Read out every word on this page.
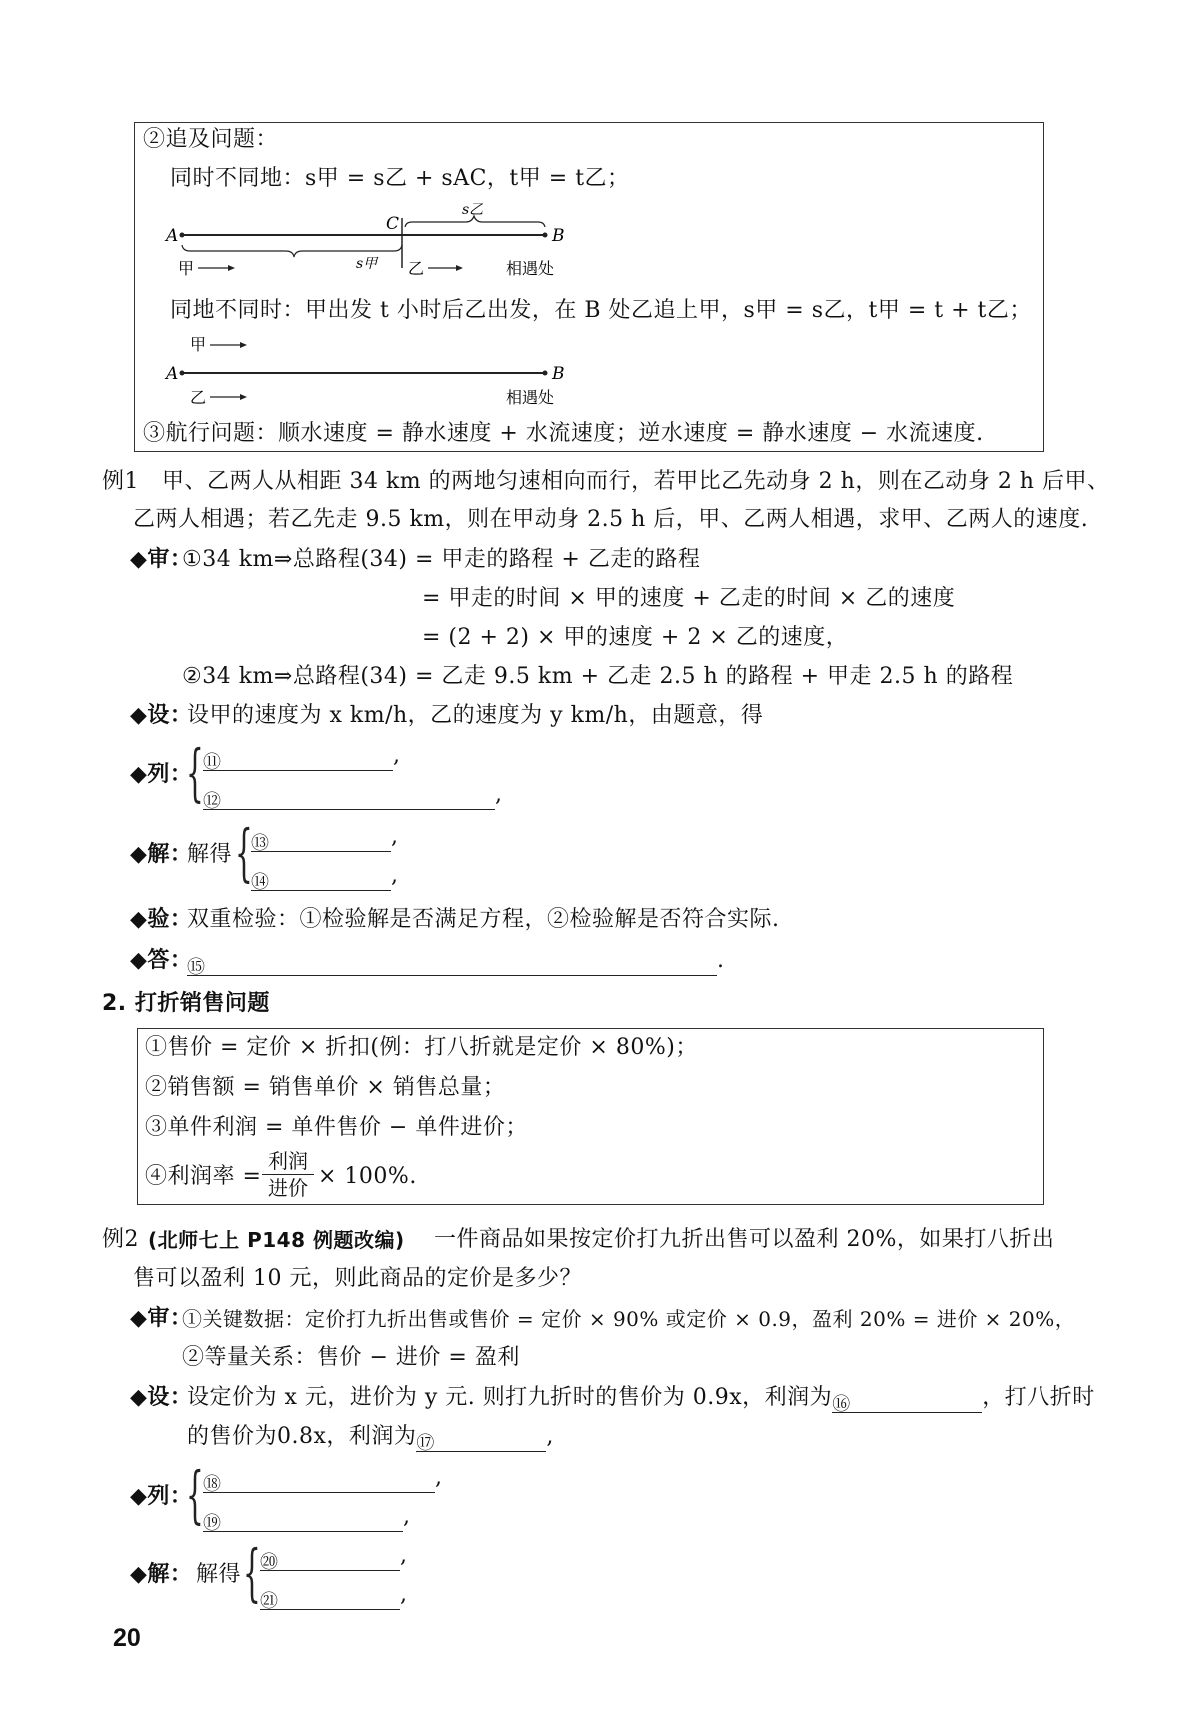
②追及问题：
同时不同地：s甲 = s乙 + sAC，t甲 = t乙；
A
C
B
s乙
s甲
甲	乙	相遇处
同地不同时：甲出发 t 小时后乙出发，在 B 处乙追上甲，s甲 = s乙，t甲 = t + t乙；
甲
A	B
乙	相遇处
③航行问题：顺水速度 = 静水速度 + 水流速度；逆水速度 = 静水速度 − 水流速度.
例1 甲、乙两人从相距 34 km 的两地匀速相向而行，若甲比乙先动身 2 h，则在乙动身 2 h 后甲、
乙两人相遇；若乙先走 9.5 km，则在甲动身 2.5 h 后，甲、乙两人相遇，求甲、乙两人的速度.
◆审：
①34 km⇒总路程(34) = 甲走的路程 + 乙走的路程
= 甲走的时间 × 甲的速度 + 乙走的时间 × 乙的速度
= (2 + 2) × 甲的速度 + 2 × 乙的速度，
②34 km⇒总路程(34) = 乙走 9.5 km + 乙走 2.5 h 的路程 + 甲走 2.5 h 的路程
◆设：
设甲的速度为 x km/h，乙的速度为 y km/h，由题意，得
◆列：
{ ⑪	,
⑫	,
◆解：
解得 {
⑬	,
⑭	,
◆验：
双重检验：①检验解是否满足方程，②检验解是否符合实际.
◆答：
⑮	.
2. 打折销售问题
①售价 = 定价 × 折扣(例：打八折就是定价 × 80%)；
②销售额 = 销售单价 × 销售总量；
③单件利润 = 单件售价 − 单件进价；
④利润率 =
利润
进价 × 100%.
例2 (北师七上 P148 例题改编) 一件商品如果按定价打九折出售可以盈利 20%，如果打八折出
售可以盈利 10 元，则此商品的定价是多少？
◆审：
①关键数据：定价打九折出售或售价 = 定价 × 90% 或定价 × 0.9，盈利 20% = 进价 × 20%，
②等量关系：售价 − 进价 = 盈利
◆设：
设定价为 x 元，进价为 y 元. 则打九折时的售价为 0.9x，利润为⑯	，打八折时
的售价为0.8x，利润为⑰	,
◆列：
{ ⑱	,
⑲	,
◆解： 解得 { ⑳	,
㉑	,
20
